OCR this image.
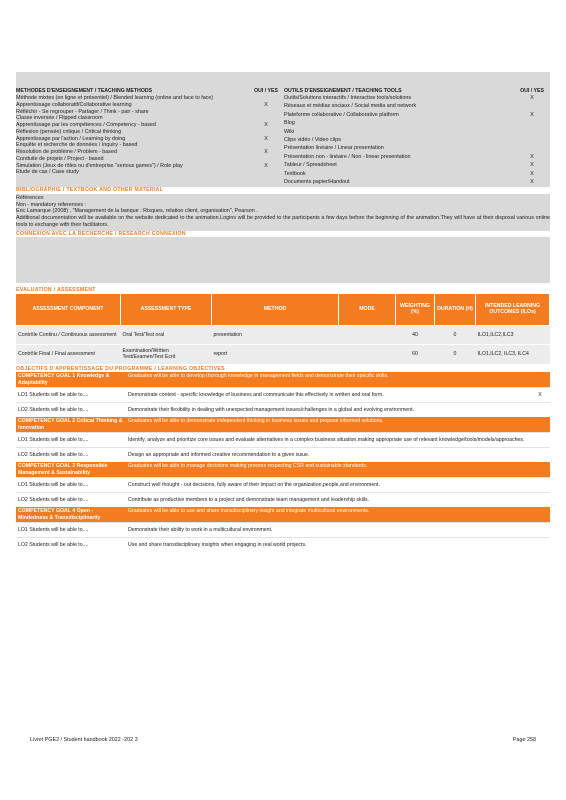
METHODES D'ENSEIGNEMENT / TEACHING METHODS	OUI / YES	OUTILS D'ENSEIGNEMENT / TEACHING TOOLS	OUI / YES
Méthode mixtes (en ligne et présentiel) / Blended learning (online and face to face)
Apprentissage collaboratif/Collaborative learning	X
Réfléchir - Se regrouper - Partager / Think - pair - share
Classe inversée / Flipped classroom
Apprentissage par les compétences / Competency - based	X
Réflexion (pensée) critique / Critical thinking
Apprentissage par l'action / Learning by doing	X
Enquête et recherche de données / Inquiry - based
Résolution de problème / Problem - based	X
Conduite de projets / Project - based
Simulation (Jeux de rôles ou d'entreprise "serious games") / Role play	X
Etude de cas / Case study
Outils/Solutions interactifs / Interactive tools/solutions	X
Réseaux et médias sociaux / Social media and network
Plateforme collaborative / Collaborative platform	X
Blog
Wiki
Clips vidéo / Video clips
Présentation linéaire / Linear presentation
Présentation non - linéaire / Non - linear presentation	X
Tableur / Spreadsheet	X
Textbook	X
Documents papier/Handout	X
BIBLIOGRAPHIE / TEXTBOOK AND OTHER MATERIAL
Références
Non - mandatory references :
Eric Lamarque (2008) , "Management de la banque : Risques, relation client, organisation", Pearson .
Additional documentation will be available on the website dedicated to the animation.Logins will be provided to the participants a few days before the beginning of the animation.They will have at their disposal various online tools to exchange with their facilitators.
CONNEXION AVEC LA RECHERCHE / RESEARCH CONNEXION
EVALUATION / ASSESSMENT
ASSESSMENT COMPONENT	ASSESSMENT TYPE	METHOD	MODE	WEIGHTING (%)	DURATION (H)	INTENDED LEARNING OUTCOMES (ILOs)
Contrôle Continu / Continuous assessment	Oral Test/Test oral	presentation		40	0	ILO1,ILC2,ILC3
Contrôle Final / Final assessment	Examination/Written Test/Examen/Test Ecrit	report		60	0	ILO1,ILC2, ILC3, ILC4
OBJECTIFS D'APPRENTISSAGE DU PROGRAMME / LEARNING OBJECTIVES
COMPETENCY GOAL 1 Knowledge & Adaptability
Graduates will be able to develop thorough knowledge in management fields and demonstrate their specific skills.
LO1 Students will be able to....	Demonstrate context - specific knowledge of business and communicate this effectively in written and oral form.	X
LO2 Students will be able to....	Demonstrate their flexibility in dealing with unexpected management issues/challenges in a global and evolving environment.
COMPETENCY GOAL 2 Critical Thinking & Innovation
Graduates will be able to demonstrate independent thinking in business issues and propose informed solutions.
LO1 Students will be able to....	Identify, analyze and prioritize core issues and evaluate alternatives in a complex business situation,making appropriate use of relevant knowledge/tools/models/approaches.
LO2 Students will be able to....	Design an appropriate and informed creative recommendation to a given issue.
COMPETENCY GOAL 3 Responsible Management & Sustainability
Graduates will be able to manage decisions making process respecting CSR and sustainable standards.
LO1 Students will be able to....	Construct well thought - out decisions, fully aware of their impact on the organization,people,and environment.
LO2 Students will be able to....	Contribute as productive members to a project and demonstrate team management and leadership skills.
COMPETENCY GOAL 4 Open - Mindedness & Transdisciplinarity
Graduates will be able to use and share transdisciplinary insight and integrate multicultural environments.
LO1 Students will be able to....	Demonstrate their ability to work in a multicultural environment.
LO2 Students will be able to....	Use and share transdisciplinary insights when engaging in real world projects.
Livret PGE2 / Student handbook 2022 -202 3	Page 258
